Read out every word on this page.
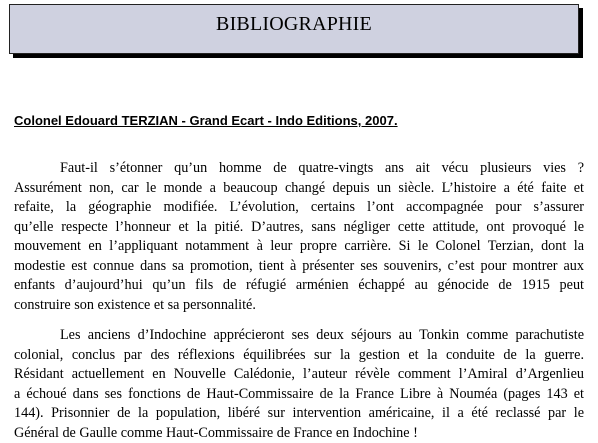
BIBLIOGRAPHIE
Colonel Edouard TERZIAN - Grand Ecart - Indo Editions, 2007.
Faut-il s’étonner qu’un homme de quatre-vingts ans ait vécu plusieurs vies ?
Assurément non, car le monde a beaucoup changé depuis un siècle. L’histoire a été faite et
refaite, la géographie modifiée. L’évolution, certains l’ont accompagnée pour s’assurer
qu’elle respecte l’honneur et la pitié. D’autres, sans négliger cette attitude, ont provoqué le
mouvement en l’appliquant notamment à leur propre carrière. Si le Colonel Terzian, dont la
modestie est connue dans sa promotion, tient à présenter ses souvenirs, c’est pour montrer aux
enfants d’aujourd’hui qu’un fils de réfugié arménien échappé au génocide de 1915 peut
construire son existence et sa personnalité.
Les anciens d’Indochine apprécieront ses deux séjours au Tonkin comme parachutiste
colonial, conclus par des réflexions équilibrées sur la gestion et la conduite de la guerre.
Résidant actuellement en Nouvelle Calédonie, l’auteur révèle comment l’Amiral d’Argenlieu
a échoué dans ses fonctions de Haut-Commissaire de la France Libre à Nouméa (pages 143 et
144). Prisonnier de la population, libéré sur intervention américaine, il a été reclassé par le
Général de Gaulle comme Haut-Commissaire de France en Indochine !
